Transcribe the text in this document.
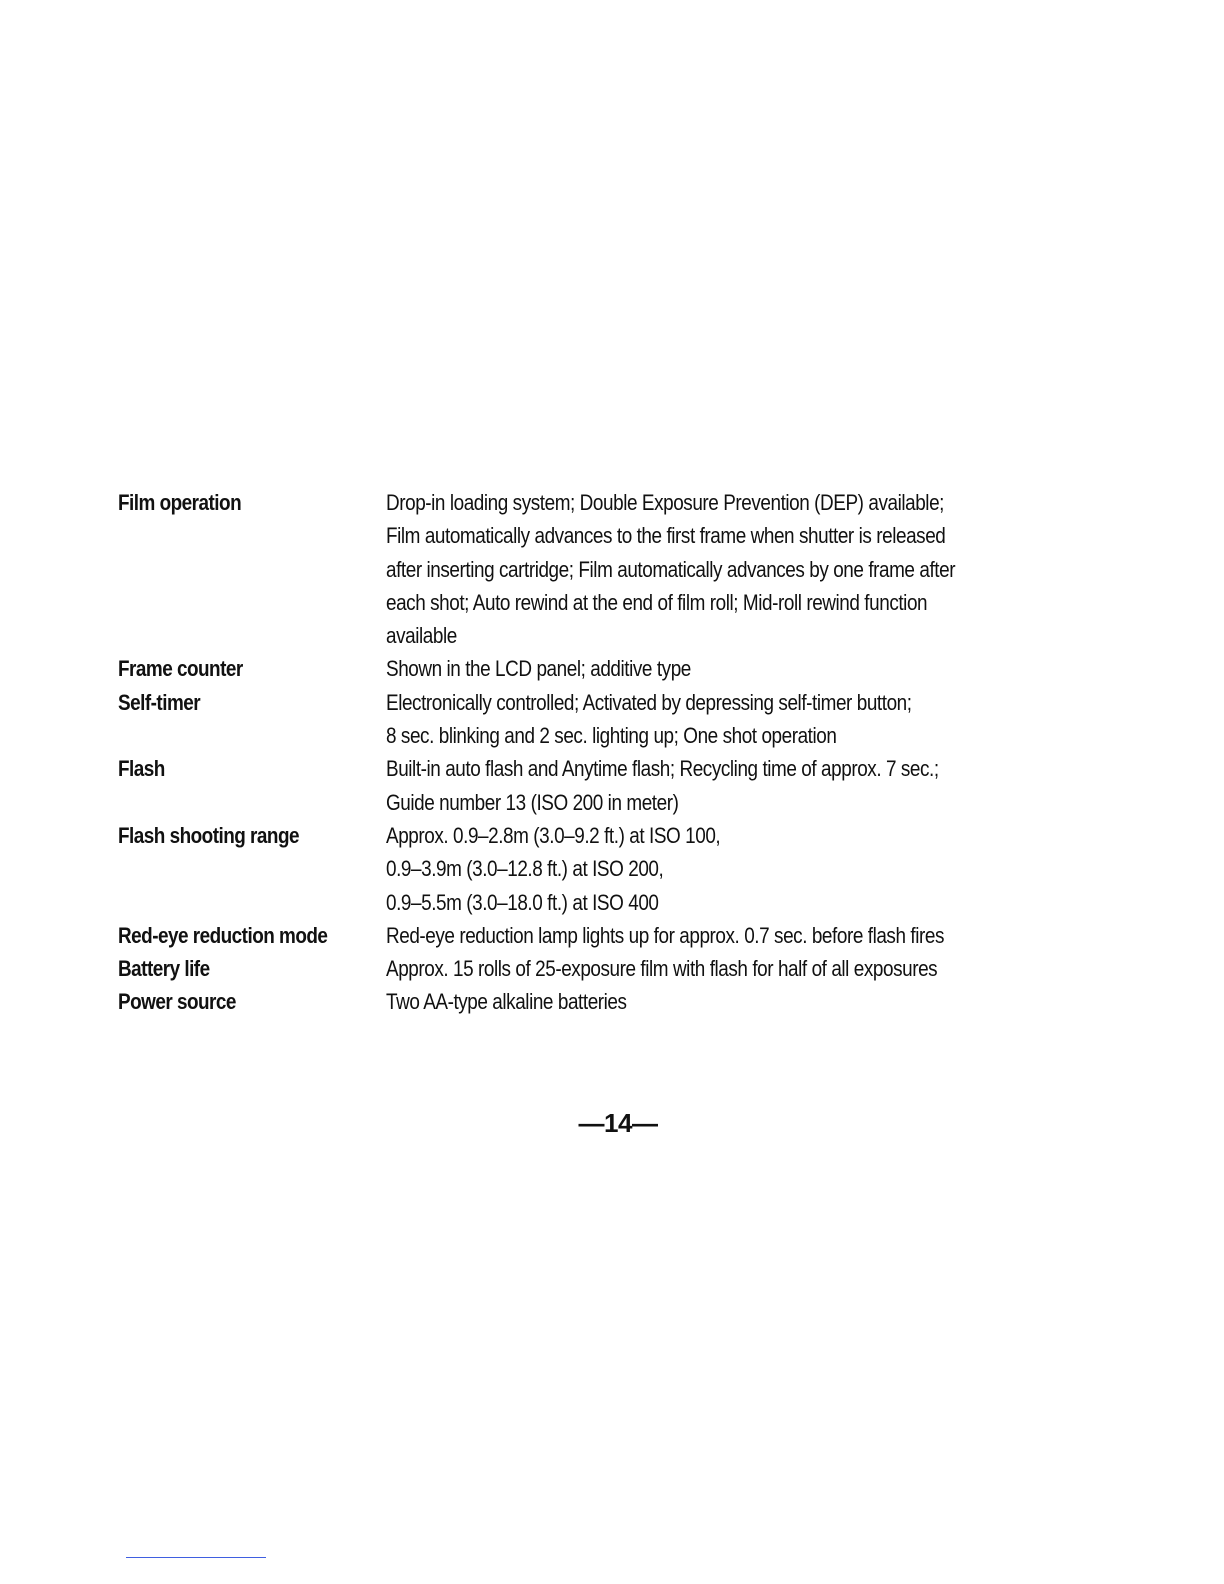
Film operation	Drop-in loading system; Double Exposure Prevention (DEP) available;
Film automatically advances to the first frame when shutter is released
after inserting cartridge; Film automatically advances by one frame after
each shot; Auto rewind at the end of film roll; Mid-roll rewind function
available
Frame counter	Shown in the LCD panel; additive type
Self-timer	Electronically controlled; Activated by depressing self-timer button;
8 sec. blinking and 2 sec. lighting up; One shot operation
Flash	Built-in auto flash and Anytime flash; Recycling time of approx. 7 sec.;
Guide number 13 (ISO 200 in meter)
Flash shooting range	Approx. 0.9–2.8m (3.0–9.2 ft.) at ISO 100,
0.9–3.9m (3.0–12.8 ft.) at ISO 200,
0.9–5.5m (3.0–18.0 ft.) at ISO 400
Red-eye reduction mode	Red-eye reduction lamp lights up for approx. 0.7 sec. before flash fires
Battery life	Approx. 15 rolls of 25-exposure film with flash for half of all exposures
Power source	Two AA-type alkaline batteries
—14—
